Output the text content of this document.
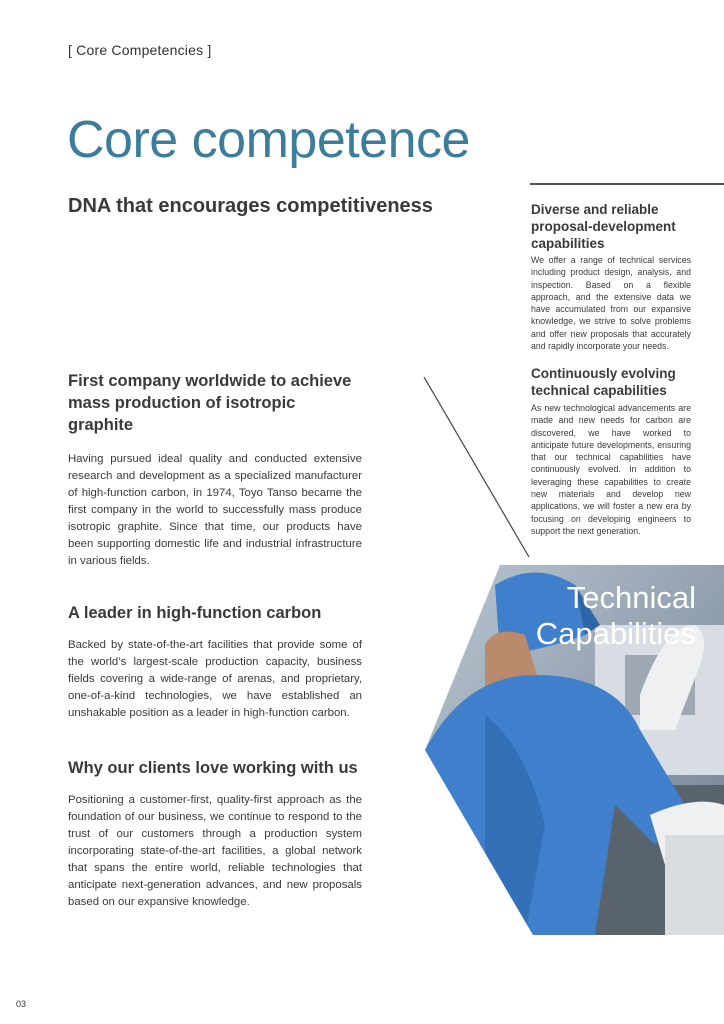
[ Core Competencies ]
Core competence
DNA that encourages competitiveness	Diverse and reliable proposal-development capabilities
We offer a range of technical services including product design, analysis, and inspection. Based on a flexible approach, and the extensive data we have accumulated from our expansive knowledge, we strive to solve problems and offer new proposals that accurately and rapidly incorporate your needs.
Continuously evolving technical capabilities
As new technological advancements are made and new needs for carbon are discovered, we have worked to anticipate future developments, ensuring that our technical capabilities have continuously evolved. In addition to leveraging these capabilities to create new materials and develop new applications, we will foster a new era by focusing on developing engineers to support the next generation.
First company worldwide to achieve mass production of isotropic graphite
Having pursued ideal quality and conducted extensive research and development as a specialized manufacturer of high-function carbon, in 1974, Toyo Tanso became the first company in the world to successfully mass produce isotropic graphite. Since that time, our products have been supporting domestic life and industrial infrastructure in various fields.
A leader in high-function carbon
Backed by state-of-the-art facilities that provide some of the world’s largest-scale production capacity, business fields covering a wide-range of arenas, and proprietary, one-of-a-kind technologies, we have established an unshakable position as a leader in high-function carbon.
Why our clients love working with us
Positioning a customer-first, quality-first approach as the foundation of our business, we continue to respond to the trust of our customers through a production system incorporating state-of-the-art facilities, a global network that spans the entire world, reliable technologies that anticipate next-generation advances, and new proposals based on our expansive knowledge.
Technical
Capabilities
03
